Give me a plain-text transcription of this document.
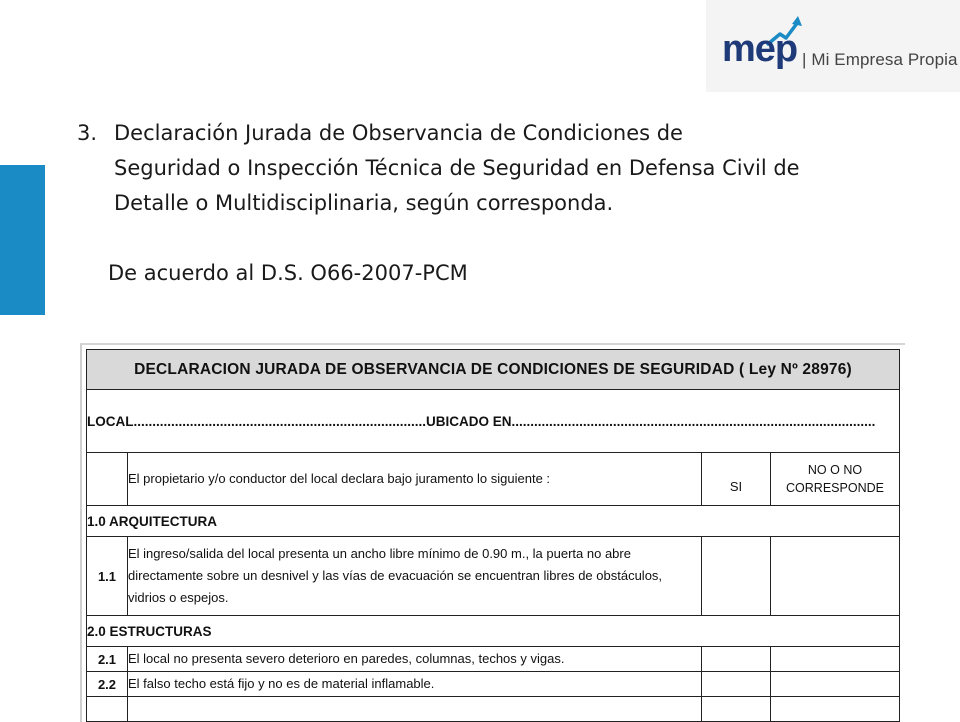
mep | Mi Empresa Propia
3. Declaración Jurada de Observancia de Condiciones de
Seguridad o Inspección Técnica de Seguridad en Defensa Civil de
Detalle o Multidisciplinaria, según corresponda.
De acuerdo al D.S. O66-2007-PCM
DECLARACION JURADA DE OBSERVANCIA DE CONDICIONES DE SEGURIDAD ( Ley Nº 28976)			
LOCAL..............................................................................UBICADO EN.................................................................................................			
	El propietario y/o conductor del local declara bajo juramento lo siguiente :	SI	NO O NO CORRESPONDE
1.0 ARQUITECTURA			
1.1	El ingreso/salida del local presenta un ancho libre mínimo de 0.90 m., la puerta no abre directamente sobre un desnivel y las vías de evacuación se encuentran libres de obstáculos, vidrios o espejos.		
2.0 ESTRUCTURAS			
2.1	El local no presenta severo deterioro en paredes, columnas, techos y vigas.		
2.2	El falso techo está fijo y no es de material inflamable.		
